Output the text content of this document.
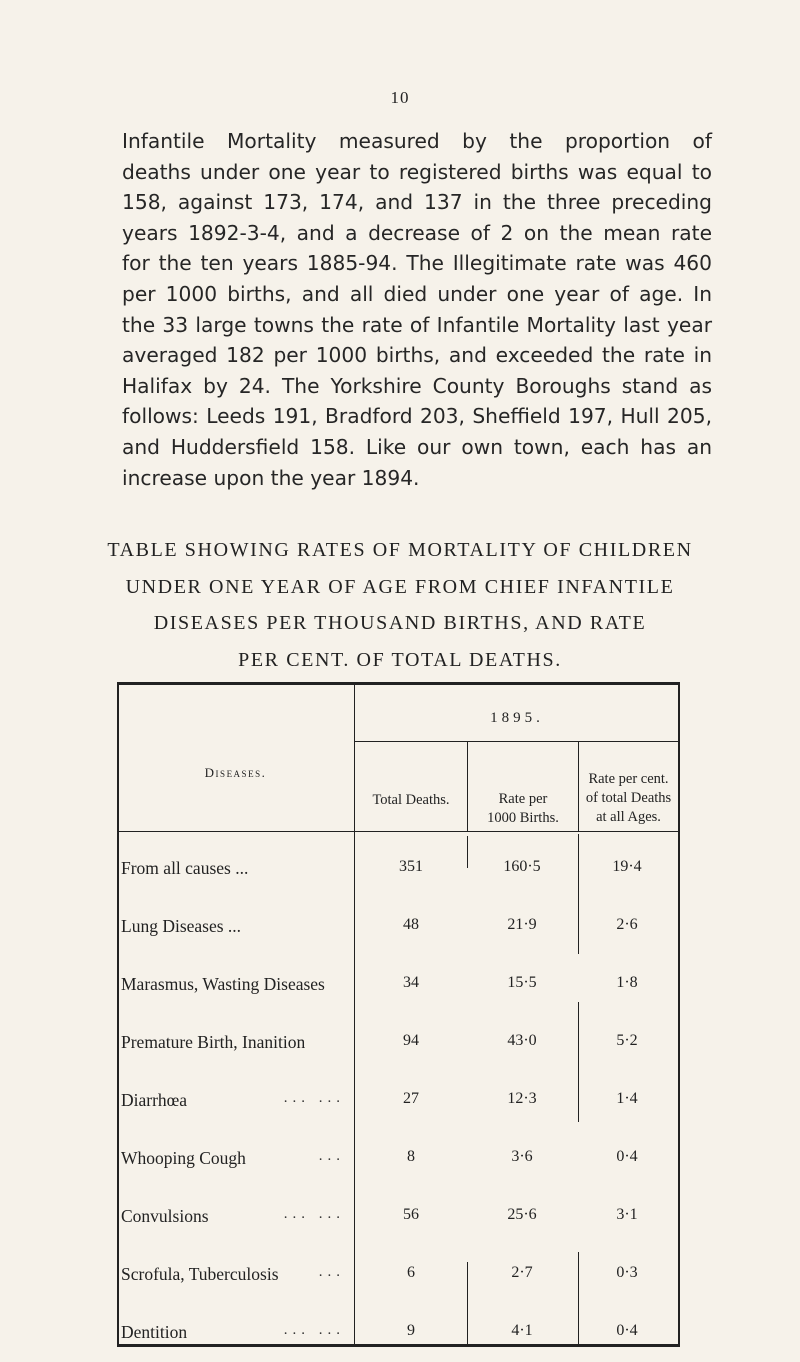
10
Infantile Mortality measured by the proportion of
deaths under one year to registered births was equal to
158, against 173, 174, and 137 in the three preceding
years 1892-3-4, and a decrease of 2 on the mean rate
for the ten years 1885-94. The Illegitimate rate was 460
per 1000 births, and all died under one year of age. In
the 33 large towns the rate of Infantile Mortality last year
averaged 182 per 1000 births, and exceeded the rate in
Halifax by 24. The Yorkshire County Boroughs stand as
follows: Leeds 191, Bradford 203, Sheffield 197, Hull 205,
and Huddersfield 158. Like our own town, each has an
increase upon the year 1894.
TABLE SHOWING RATES OF MORTALITY OF CHILDREN
UNDER ONE YEAR OF AGE FROM CHIEF INFANTILE
DISEASES PER THOUSAND BIRTHS, AND RATE
PER CENT. OF TOTAL DEATHS.
1895.
Diseases.
Total Deaths.	Rate per
1000 Births.
Rate per cent.
of total Deaths
at all Ages.
From all causes ...	351	160·5	19·4
Lung Diseases ...	48	21·9	2·6
Marasmus, Wasting Diseases	34	15·5	1·8
Premature Birth, Inanition	94	43·0	5·2
Diarrhœa	... ...	27	12·3	1·4
Whooping Cough	...	8	3·6	0·4
Convulsions	... ...	56	25·6	3·1
Scrofula, Tuberculosis	...	6	2·7	0·3
Dentition	... ...	9	4·1	0·4
